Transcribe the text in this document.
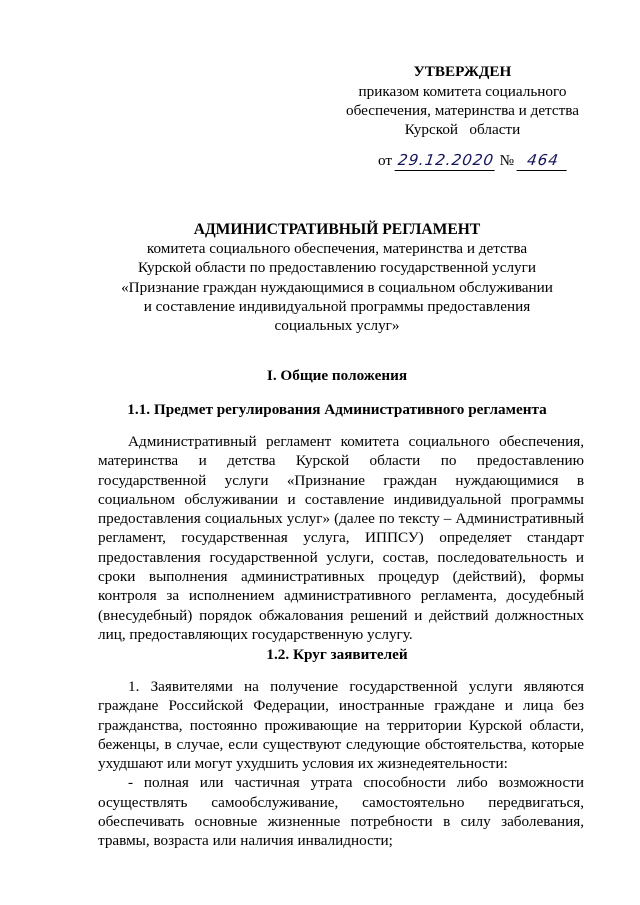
УТВЕРЖДЕН
приказом комитета социального
обеспечения, материнства и детства
Курской   области
от 29.12.2020 № 464
АДМИНИСТРАТИВНЫЙ РЕГЛАМЕНТ
комитета социального обеспечения, материнства и детства
Курской области по предоставлению государственной услуги
«Признание граждан нуждающимися в социальном обслуживании
и составление индивидуальной программы предоставления
социальных услуг»
I. Общие положения
1.1. Предмет регулирования Административного регламента
Административный регламент комитета социального обеспечения,
материнства и детства Курской области по предоставлению
государственной услуги «Признание граждан нуждающимися в
социальном обслуживании и составление индивидуальной программы
предоставления социальных услуг» (далее по тексту – Административный
регламент, государственная услуга, ИППСУ) определяет стандарт
предоставления государственной услуги, состав, последовательность и
сроки выполнения административных процедур (действий), формы
контроля за исполнением административного регламента, досудебный
(внесудебный) порядок обжалования решений и действий должностных
лиц, предоставляющих государственную услугу.
1.2. Круг заявителей
1. Заявителями на получение государственной услуги являются
граждане Российской Федерации, иностранные граждане и лица без
гражданства, постоянно проживающие на территории Курской области,
беженцы, в случае, если существуют следующие обстоятельства, которые
ухудшают или могут ухудшить условия их жизнедеятельности:
- полная или частичная утрата способности либо возможности
осуществлять самообслуживание, самостоятельно передвигаться,
обеспечивать основные жизненные потребности в силу заболевания,
травмы, возраста или наличия инвалидности;
